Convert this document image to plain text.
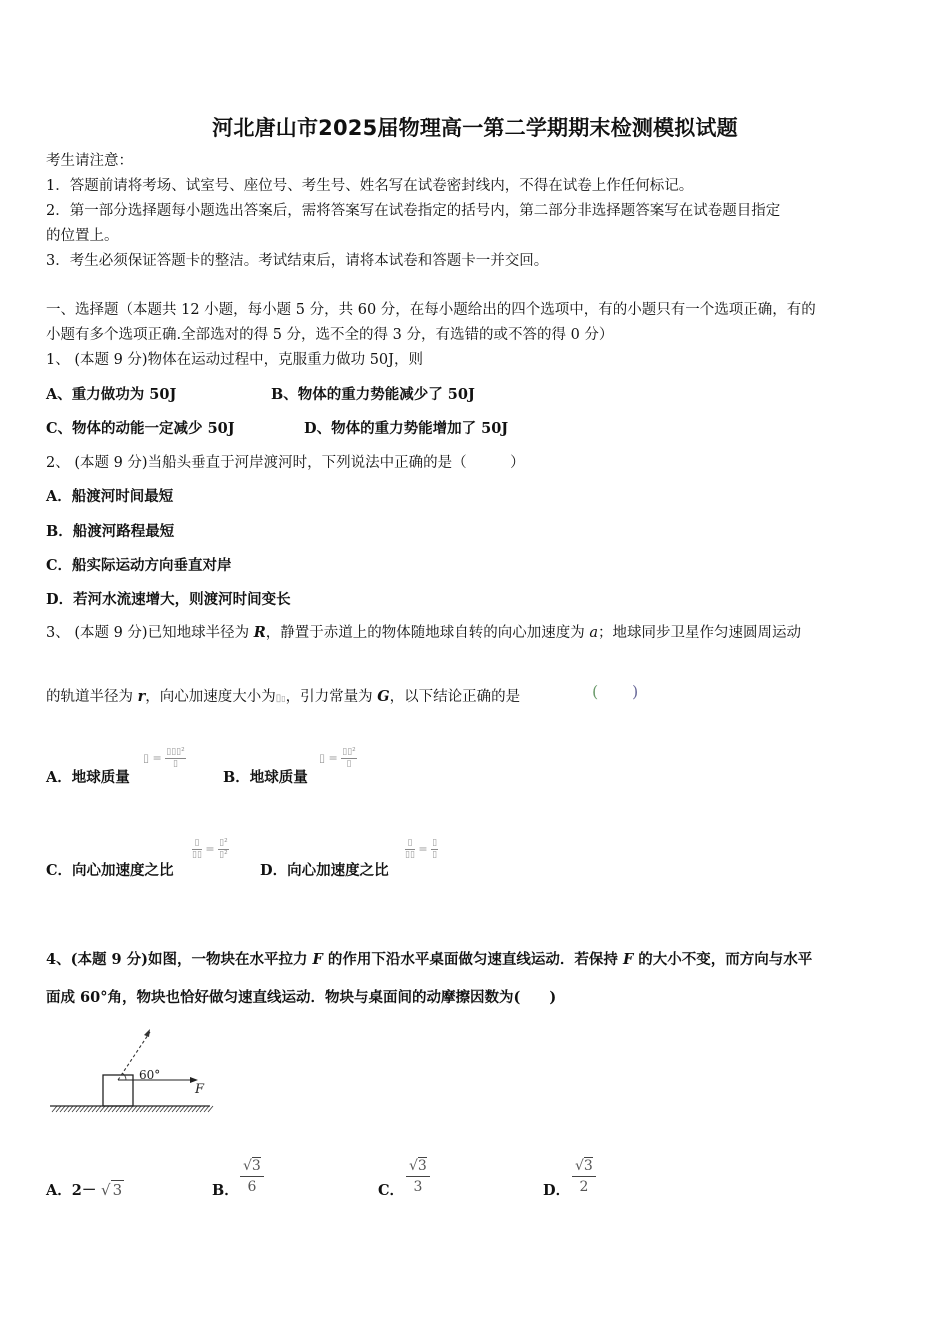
河北唐山市2025届物理高一第二学期期末检测模拟试题
考生请注意：
1．答题前请将考场、试室号、座位号、考生号、姓名写在试卷密封线内，不得在试卷上作任何标记。
2．第一部分选择题每小题选出答案后，需将答案写在试卷指定的括号内，第二部分非选择题答案写在试卷题目指定
的位置上。
3．考生必须保证答题卡的整洁。考试结束后，请将本试卷和答题卡一并交回。
一、选择题（本题共 12 小题，每小题 5 分，共 60 分，在每小题给出的四个选项中，有的小题只有一个选项正确，有的
小题有多个选项正确.全部选对的得 5 分，选不全的得 3 分，有选错的或不答的得 0 分）
1、 (本题 9 分)物体在运动过程中，克服重力做功 50J，则
A、重力做功为 50J	B、物体的重力势能减少了 50J
C、物体的动能一定减少 50J	D、物体的重力势能增加了 50J
2、 (本题 9 分)当船头垂直于河岸渡河时，下列说法中正确的是（　　　）
A．船渡河时间最短
B．船渡河路程最短
C．船实际运动方向垂直对岸
D．若河水流速增大，则渡河时间变长
3、 (本题 9 分)已知地球半径为 R，静置于赤道上的物体随地球自转的向心加速度为 a；地球同步卫星作匀速圆周运动
的轨道半径为 r，向心加速度大小为▯▯，引力常量为 G，以下结论正确的是	( )
A．地球质量
▯ = ▯▯▯²
▯
B．地球质量
▯ = ▯▯²
▯
C．向心加速度之比
▯
▯▯ = ▯²
▯²
D．向心加速度之比
▯
▯▯ = ▯
▯
4、(本题 9 分)如图，一物块在水平拉力 F 的作用下沿水平桌面做匀速直线运动．若保持 F 的大小不变，而方向与水平
面成 60°角，物块也恰好做匀速直线运动．物块与桌面间的动摩擦因数为(　　)
60°
F
A．2－ √ 3	B． $\frac{√3}{6}$	C． $\frac{√3}{3}$	D． $\frac{√3}{2}$
